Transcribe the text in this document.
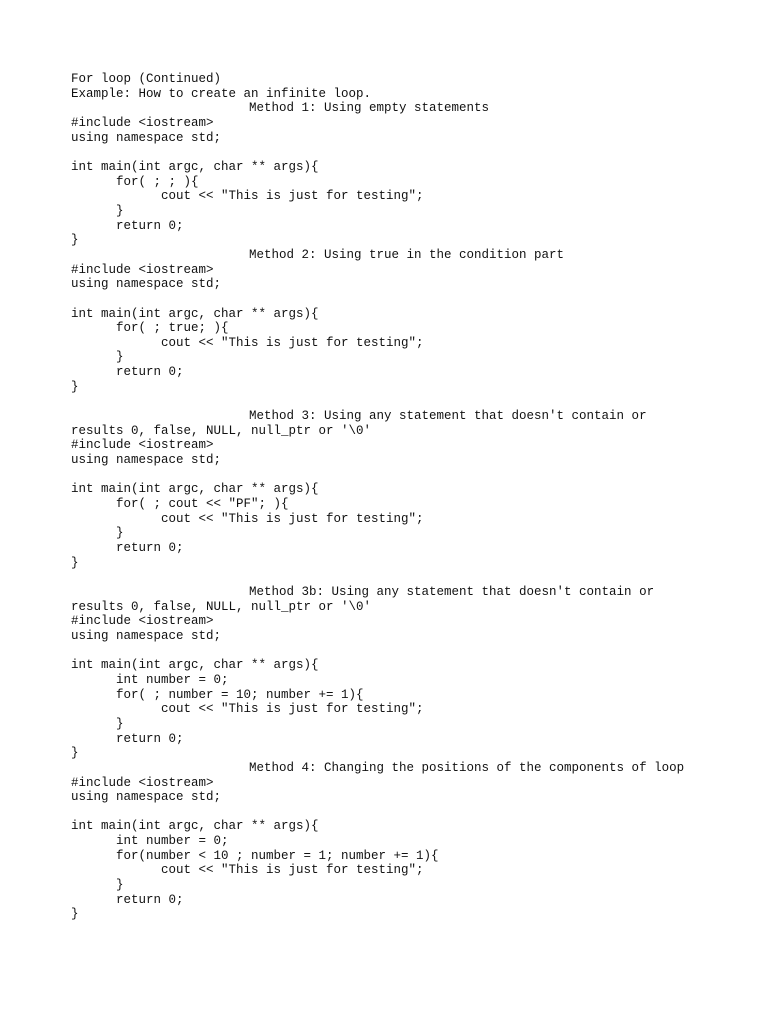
For loop (Continued)
Example: How to create an infinite loop.
Method 1: Using empty statements
#include <iostream>
using namespace std;
int main(int argc, char ** args){
for( ; ; ){
cout << "This is just for testing";
}
return 0;
}
Method 2: Using true in the condition part
#include <iostream>
using namespace std;
int main(int argc, char ** args){
for( ; true; ){
cout << "This is just for testing";
}
return 0;
}
Method 3: Using any statement that doesn't contain or
results 0, false, NULL, null_ptr or '\0'
#include <iostream>
using namespace std;
int main(int argc, char ** args){
for( ; cout << "PF"; ){
cout << "This is just for testing";
}
return 0;
}
Method 3b: Using any statement that doesn't contain or
results 0, false, NULL, null_ptr or '\0'
#include <iostream>
using namespace std;
int main(int argc, char ** args){
int number = 0;
for( ; number = 10; number += 1){
cout << "This is just for testing";
}
return 0;
}
Method 4: Changing the positions of the components of loop
#include <iostream>
using namespace std;
int main(int argc, char ** args){
int number = 0;
for(number < 10 ; number = 1; number += 1){
cout << "This is just for testing";
}
return 0;
}
